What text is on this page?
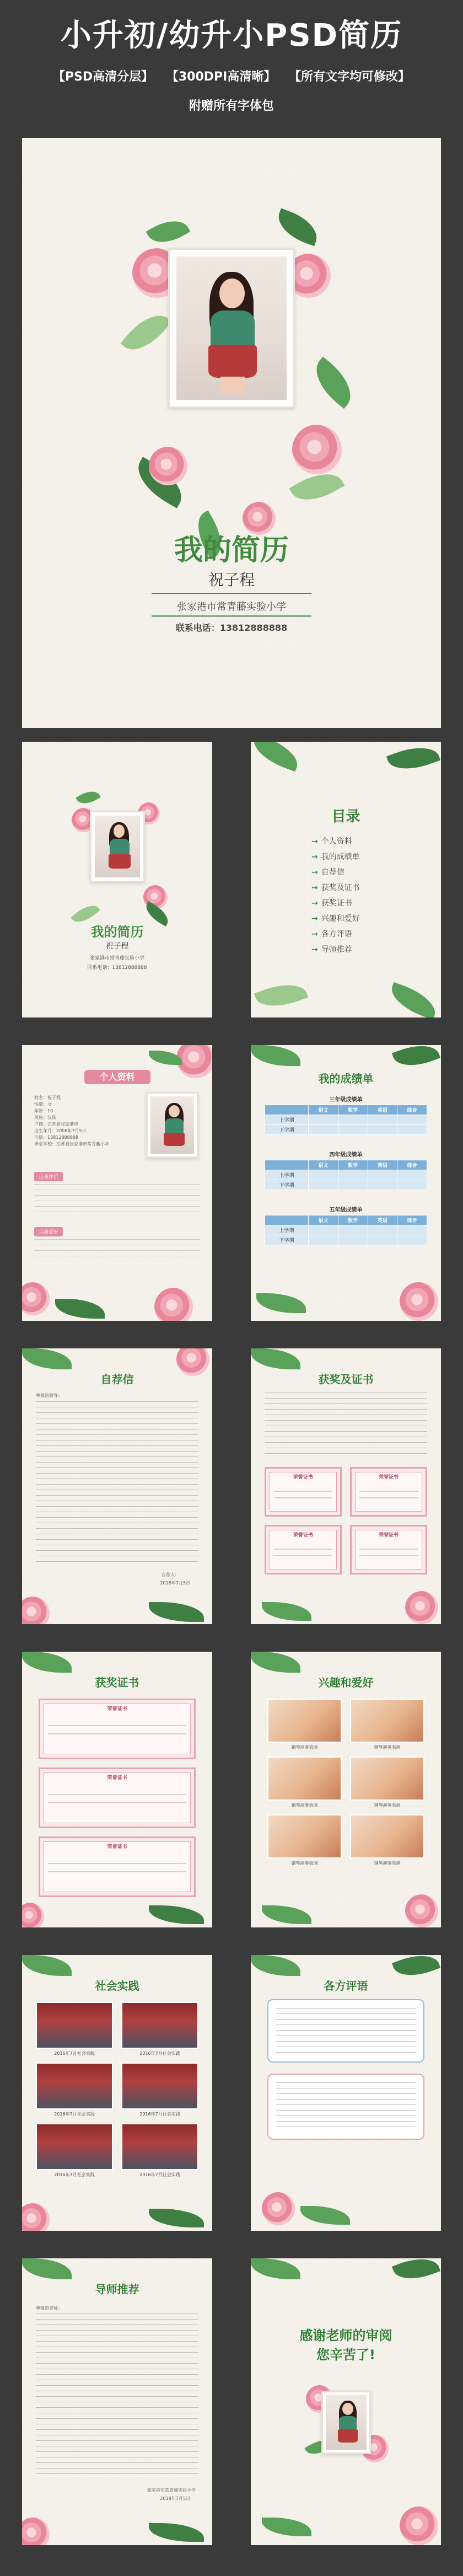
小升初/幼升小PSD简历
【PSD高清分层】 【300DPI高清晰】 【所有文字均可修改】
附赠所有字体包
我的简历
祝子程
张家港市常青藤实验小学
联系电话：13812888888
我的简历
祝子程
张家港市常青藤实验小学
联系电话：13812888888
目录
→ 个人资料
→ 我的成绩单
→ 自荐信
→ 获奖及证书
→ 获奖证书
→ 兴趣和爱好
→ 各方评语
→ 导师推荐
个人资料
姓名：祝子程
性别：女
年龄：10
民族：汉族
户籍：江苏省张家港市
出生年月：2008年7月5日
电话：13812888888
毕业学校：江苏省张家港市常青藤小学
自我评价
兴趣爱好
我的成绩单
三年级成绩单
	语文	数学	英语	综合
上学期				
下学期				
四年级成绩单
	语文	数学	英语	综合
上学期				
下学期				
五年级成绩单
	语文	数学	英语	综合
上学期				
下学期				
自荐信
尊敬的领导：
自荐人：
2018年7月5日
获奖及证书
荣誉证书	荣誉证书
荣誉证书	荣誉证书
获奖证书
荣誉证书
荣誉证书
荣誉证书
兴趣和爱好
钢琴演奏表演	钢琴演奏表演
钢琴演奏表演	钢琴演奏表演
钢琴演奏表演	钢琴演奏表演
社会实践
2016年7月社会实践	2016年7月社会实践
2016年7月社会实践	2016年7月社会实践
2016年7月社会实践	2016年7月社会实践
各方评语
导师推荐
尊敬的老师：
张家港市常青藤实验小学
2018年7月5日
感谢老师的审阅
您辛苦了!
